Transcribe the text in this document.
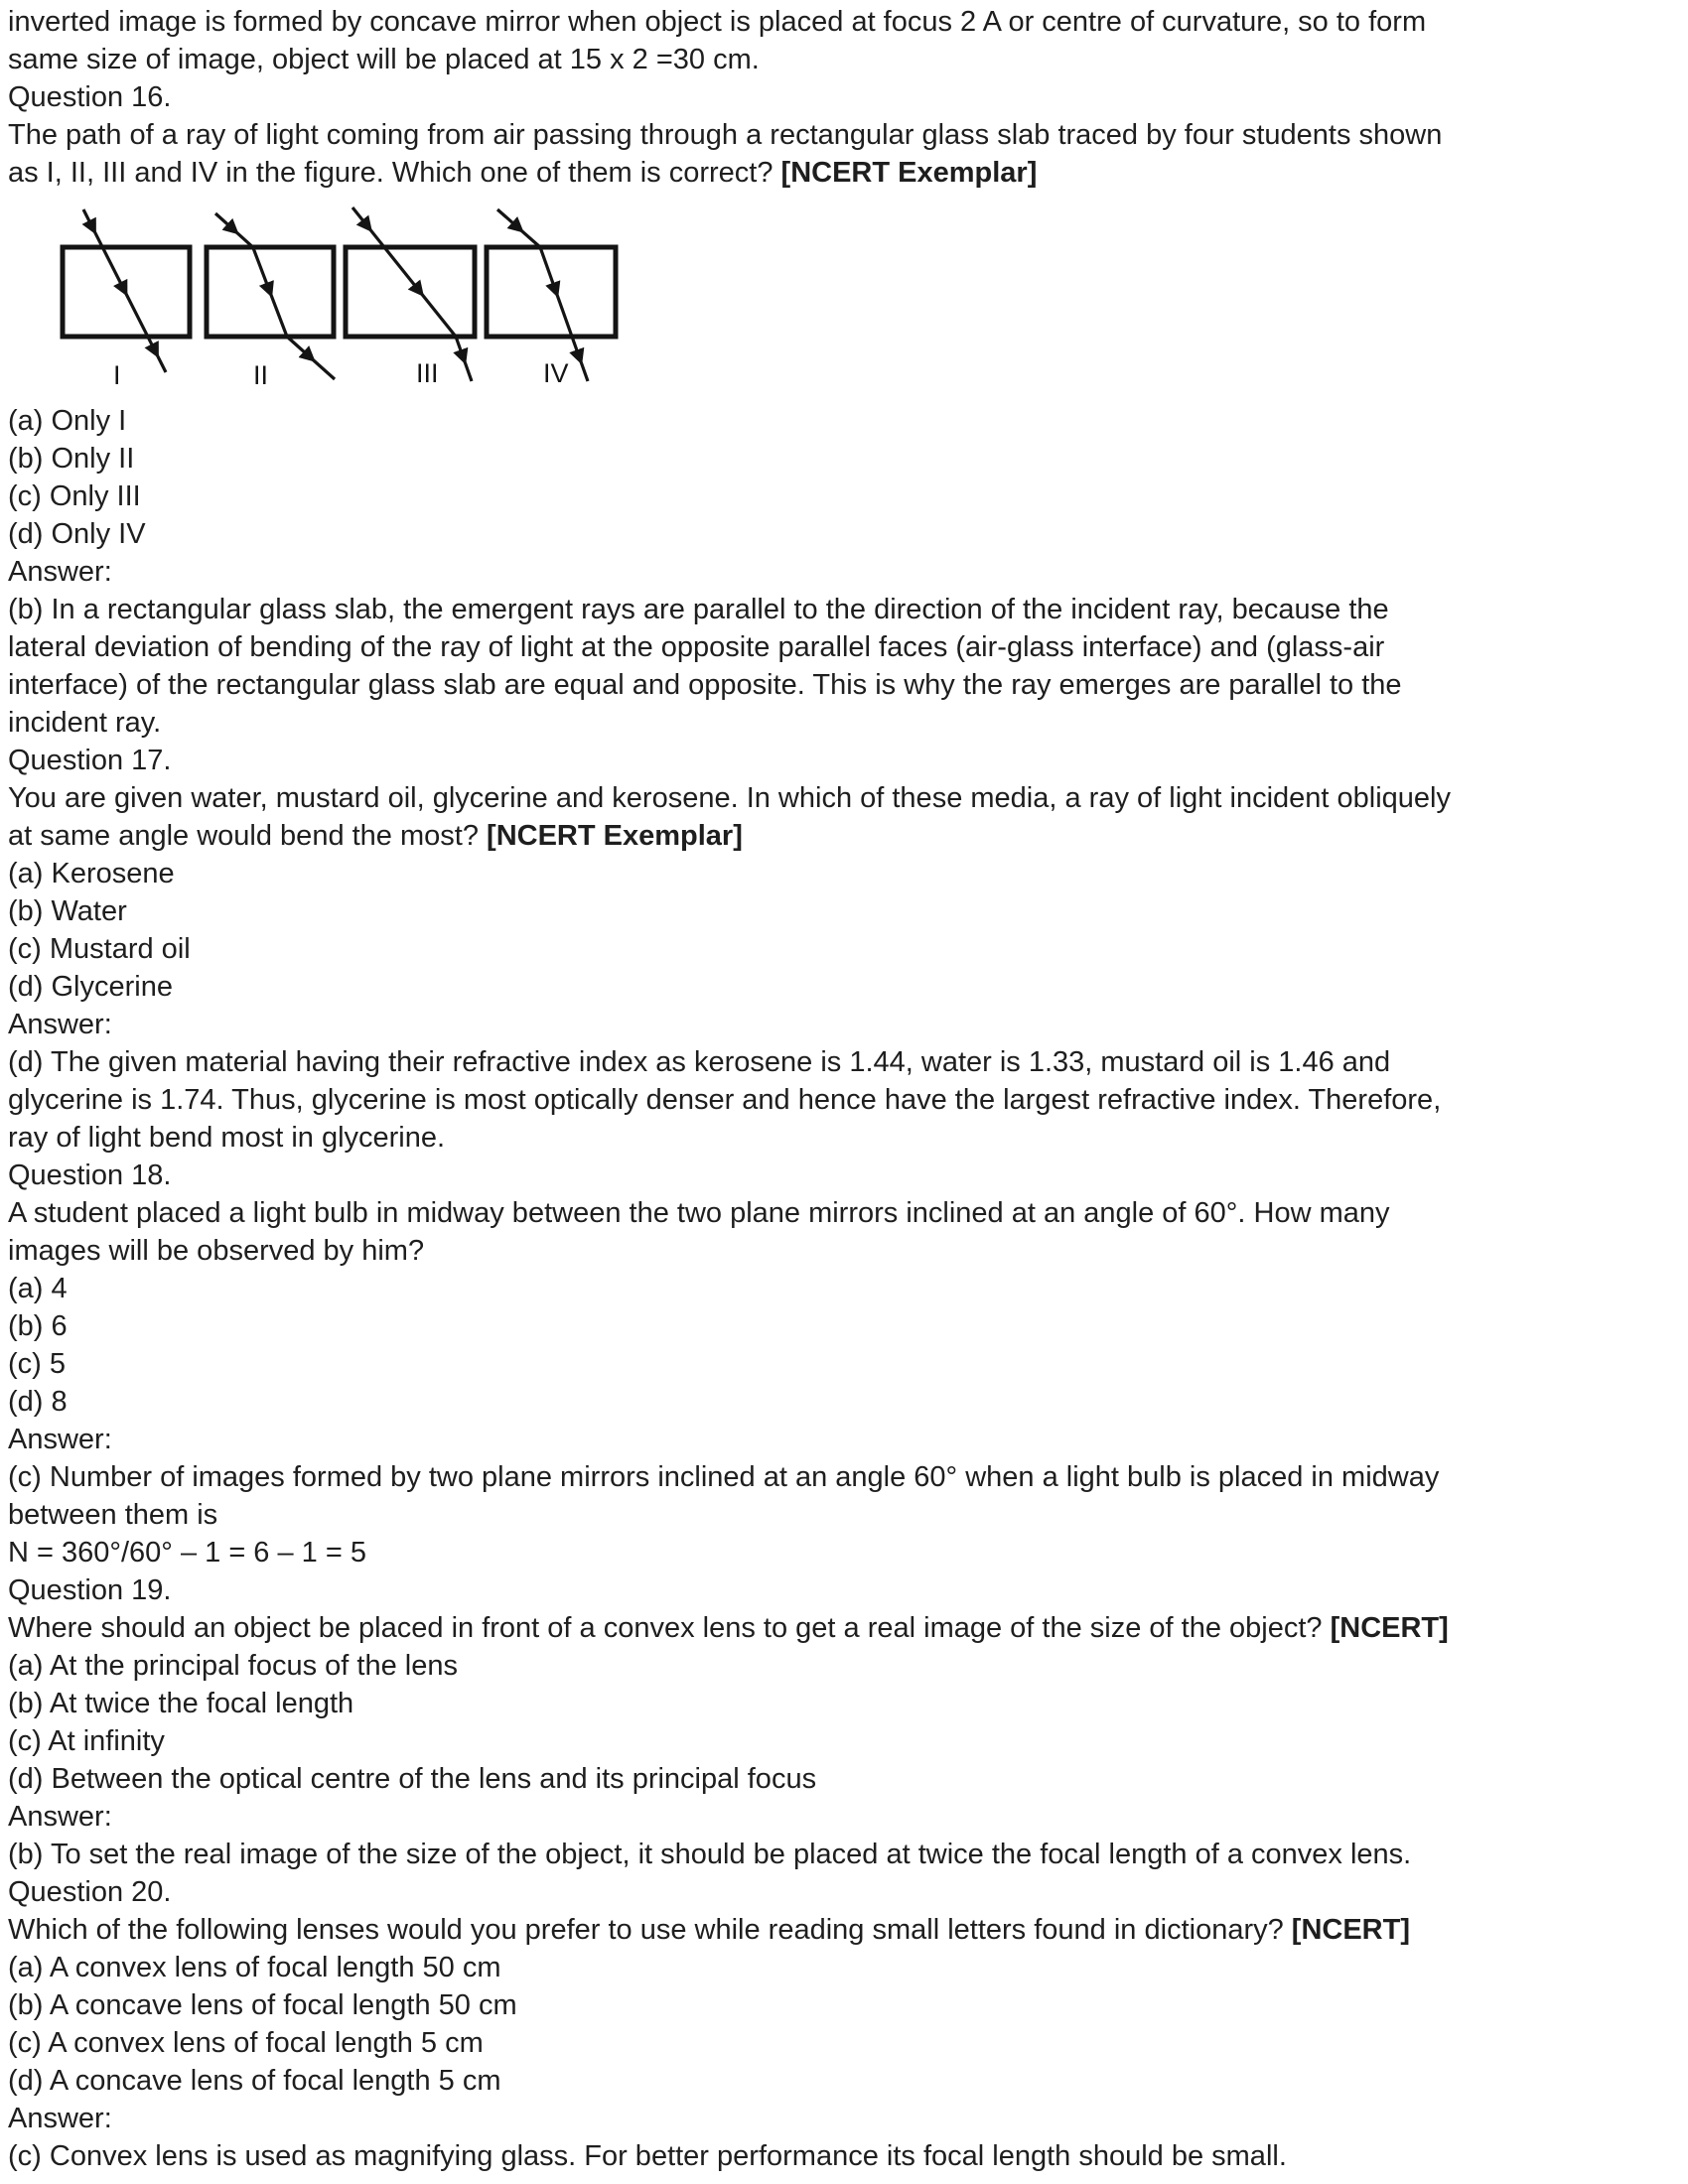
inverted image is formed by concave mirror when object is placed at focus 2 A or centre of curvature, so to form
same size of image, object will be placed at 15 x 2 =30 cm.
Question 16.
The path of a ray of light coming from air passing through a rectangular glass slab traced by four students shown
as I, II, III and IV in the figure. Which one of them is correct? [NCERT Exemplar]
I	II	III	IV
(a) Only I
(b) Only II
(c) Only III
(d) Only IV
Answer:
(b) In a rectangular glass slab, the emergent rays are parallel to the direction of the incident ray, because the
lateral deviation of bending of the ray of light at the opposite parallel faces (air-glass interface) and (glass-air
interface) of the rectangular glass slab are equal and opposite. This is why the ray emerges are parallel to the
incident ray.
Question 17.
You are given water, mustard oil, glycerine and kerosene. In which of these media, a ray of light incident obliquely
at same angle would bend the most? [NCERT Exemplar]
(a) Kerosene
(b) Water
(c) Mustard oil
(d) Glycerine
Answer:
(d) The given material having their refractive index as kerosene is 1.44, water is 1.33, mustard oil is 1.46 and
glycerine is 1.74. Thus, glycerine is most optically denser and hence have the largest refractive index. Therefore,
ray of light bend most in glycerine.
Question 18.
A student placed a light bulb in midway between the two plane mirrors inclined at an angle of 60°. How many
images will be observed by him?
(a) 4
(b) 6
(c) 5
(d) 8
Answer:
(c) Number of images formed by two plane mirrors inclined at an angle 60° when a light bulb is placed in midway
between them is
N = 360°/60° – 1 = 6 – 1 = 5
Question 19.
Where should an object be placed in front of a convex lens to get a real image of the size of the object? [NCERT]
(a) At the principal focus of the lens
(b) At twice the focal length
(c) At infinity
(d) Between the optical centre of the lens and its principal focus
Answer:
(b) To set the real image of the size of the object, it should be placed at twice the focal length of a convex lens.
Question 20.
Which of the following lenses would you prefer to use while reading small letters found in dictionary? [NCERT]
(a) A convex lens of focal length 50 cm
(b) A concave lens of focal length 50 cm
(c) A convex lens of focal length 5 cm
(d) A concave lens of focal length 5 cm
Answer:
(c) Convex lens is used as magnifying glass. For better performance its focal length should be small.
